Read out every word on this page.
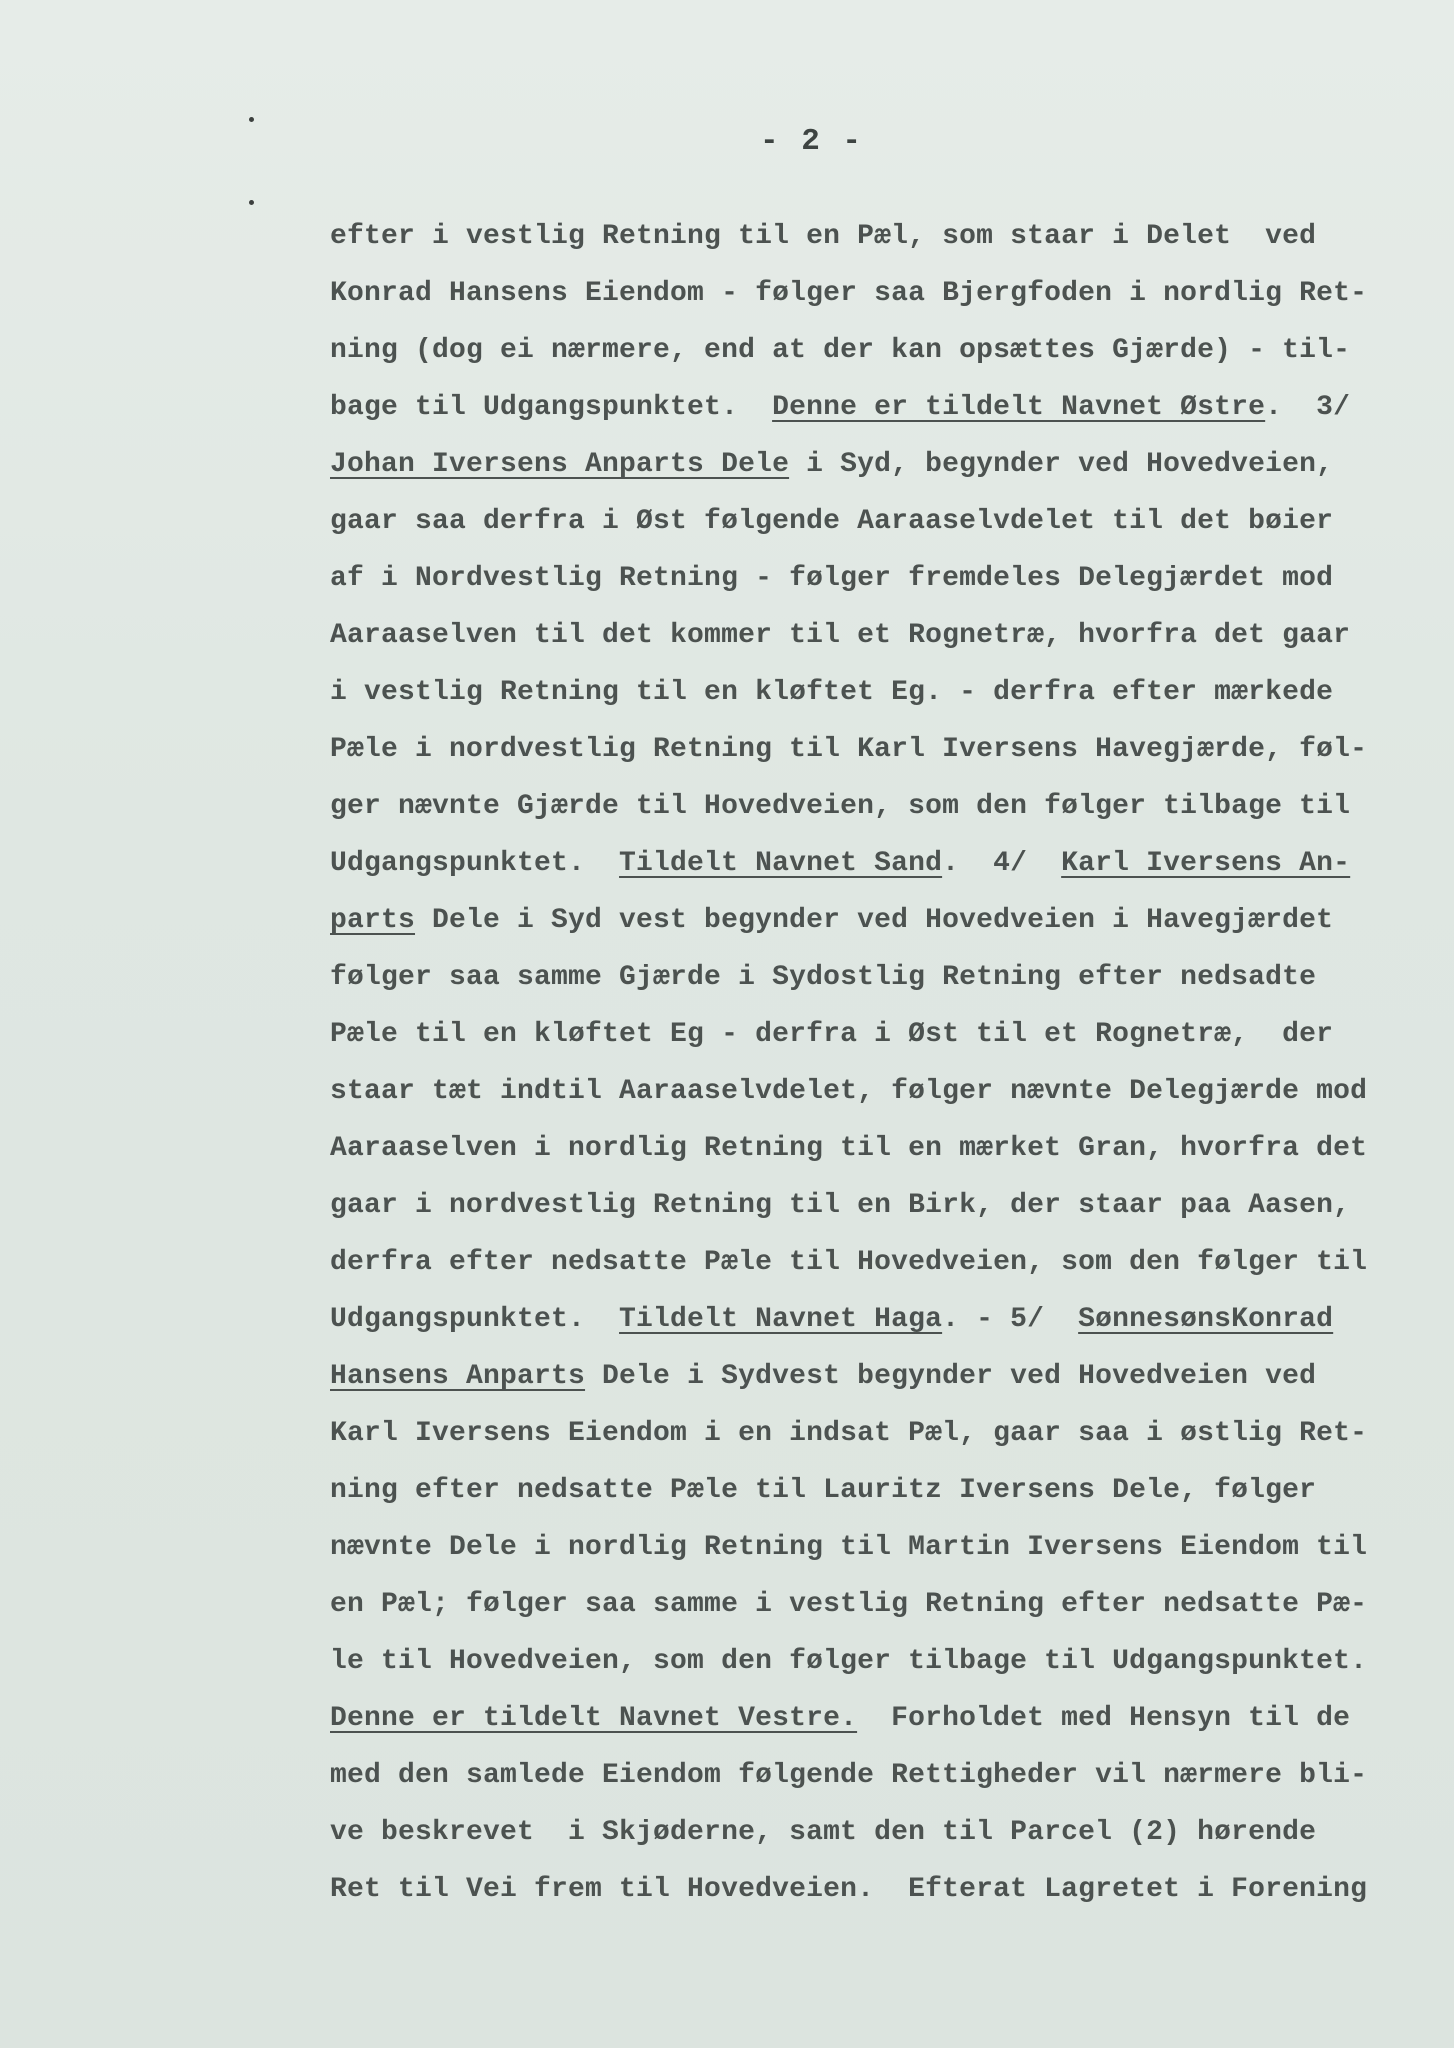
- 2 -
efter i vestlig Retning til en Pæl, som staar i Delet  ved
Konrad Hansens Eiendom - følger saa Bjergfoden i nordlig Ret-
ning (dog ei nærmere, end at der kan opsættes Gjærde) - til-
bage til Udgangspunktet.  Denne er tildelt Navnet Østre.  3/
Johan Iversens Anparts Dele i Syd, begynder ved Hovedveien,
gaar saa derfra i Øst følgende Aaraaselvdelet til det bøier
af i Nordvestlig Retning - følger fremdeles Delegjærdet mod
Aaraaselven til det kommer til et Rognetræ, hvorfra det gaar
i vestlig Retning til en kløftet Eg. - derfra efter mærkede
Pæle i nordvestlig Retning til Karl Iversens Havegjærde, føl-
ger nævnte Gjærde til Hovedveien, som den følger tilbage til
Udgangspunktet.  Tildelt Navnet Sand.  4/  Karl Iversens An-
parts Dele i Syd vest begynder ved Hovedveien i Havegjærdet
følger saa samme Gjærde i Sydostlig Retning efter nedsadte
Pæle til en kløftet Eg - derfra i Øst til et Rognetræ,  der
staar tæt indtil Aaraaselvdelet, følger nævnte Delegjærde mod
Aaraaselven i nordlig Retning til en mærket Gran, hvorfra det
gaar i nordvestlig Retning til en Birk, der staar paa Aasen,
derfra efter nedsatte Pæle til Hovedveien, som den følger til
Udgangspunktet.  Tildelt Navnet Haga. - 5/  SønnesønsKonrad
Hansens Anparts Dele i Sydvest begynder ved Hovedveien ved
Karl Iversens Eiendom i en indsat Pæl, gaar saa i østlig Ret-
ning efter nedsatte Pæle til Lauritz Iversens Dele, følger
nævnte Dele i nordlig Retning til Martin Iversens Eiendom til
en Pæl; følger saa samme i vestlig Retning efter nedsatte Pæ-
le til Hovedveien, som den følger tilbage til Udgangspunktet.
Denne er tildelt Navnet Vestre.  Forholdet med Hensyn til de
med den samlede Eiendom følgende Rettigheder vil nærmere bli-
ve beskrevet  i Skjøderne, samt den til Parcel (2) hørende
Ret til Vei frem til Hovedveien.  Efterat Lagretet i Forening
